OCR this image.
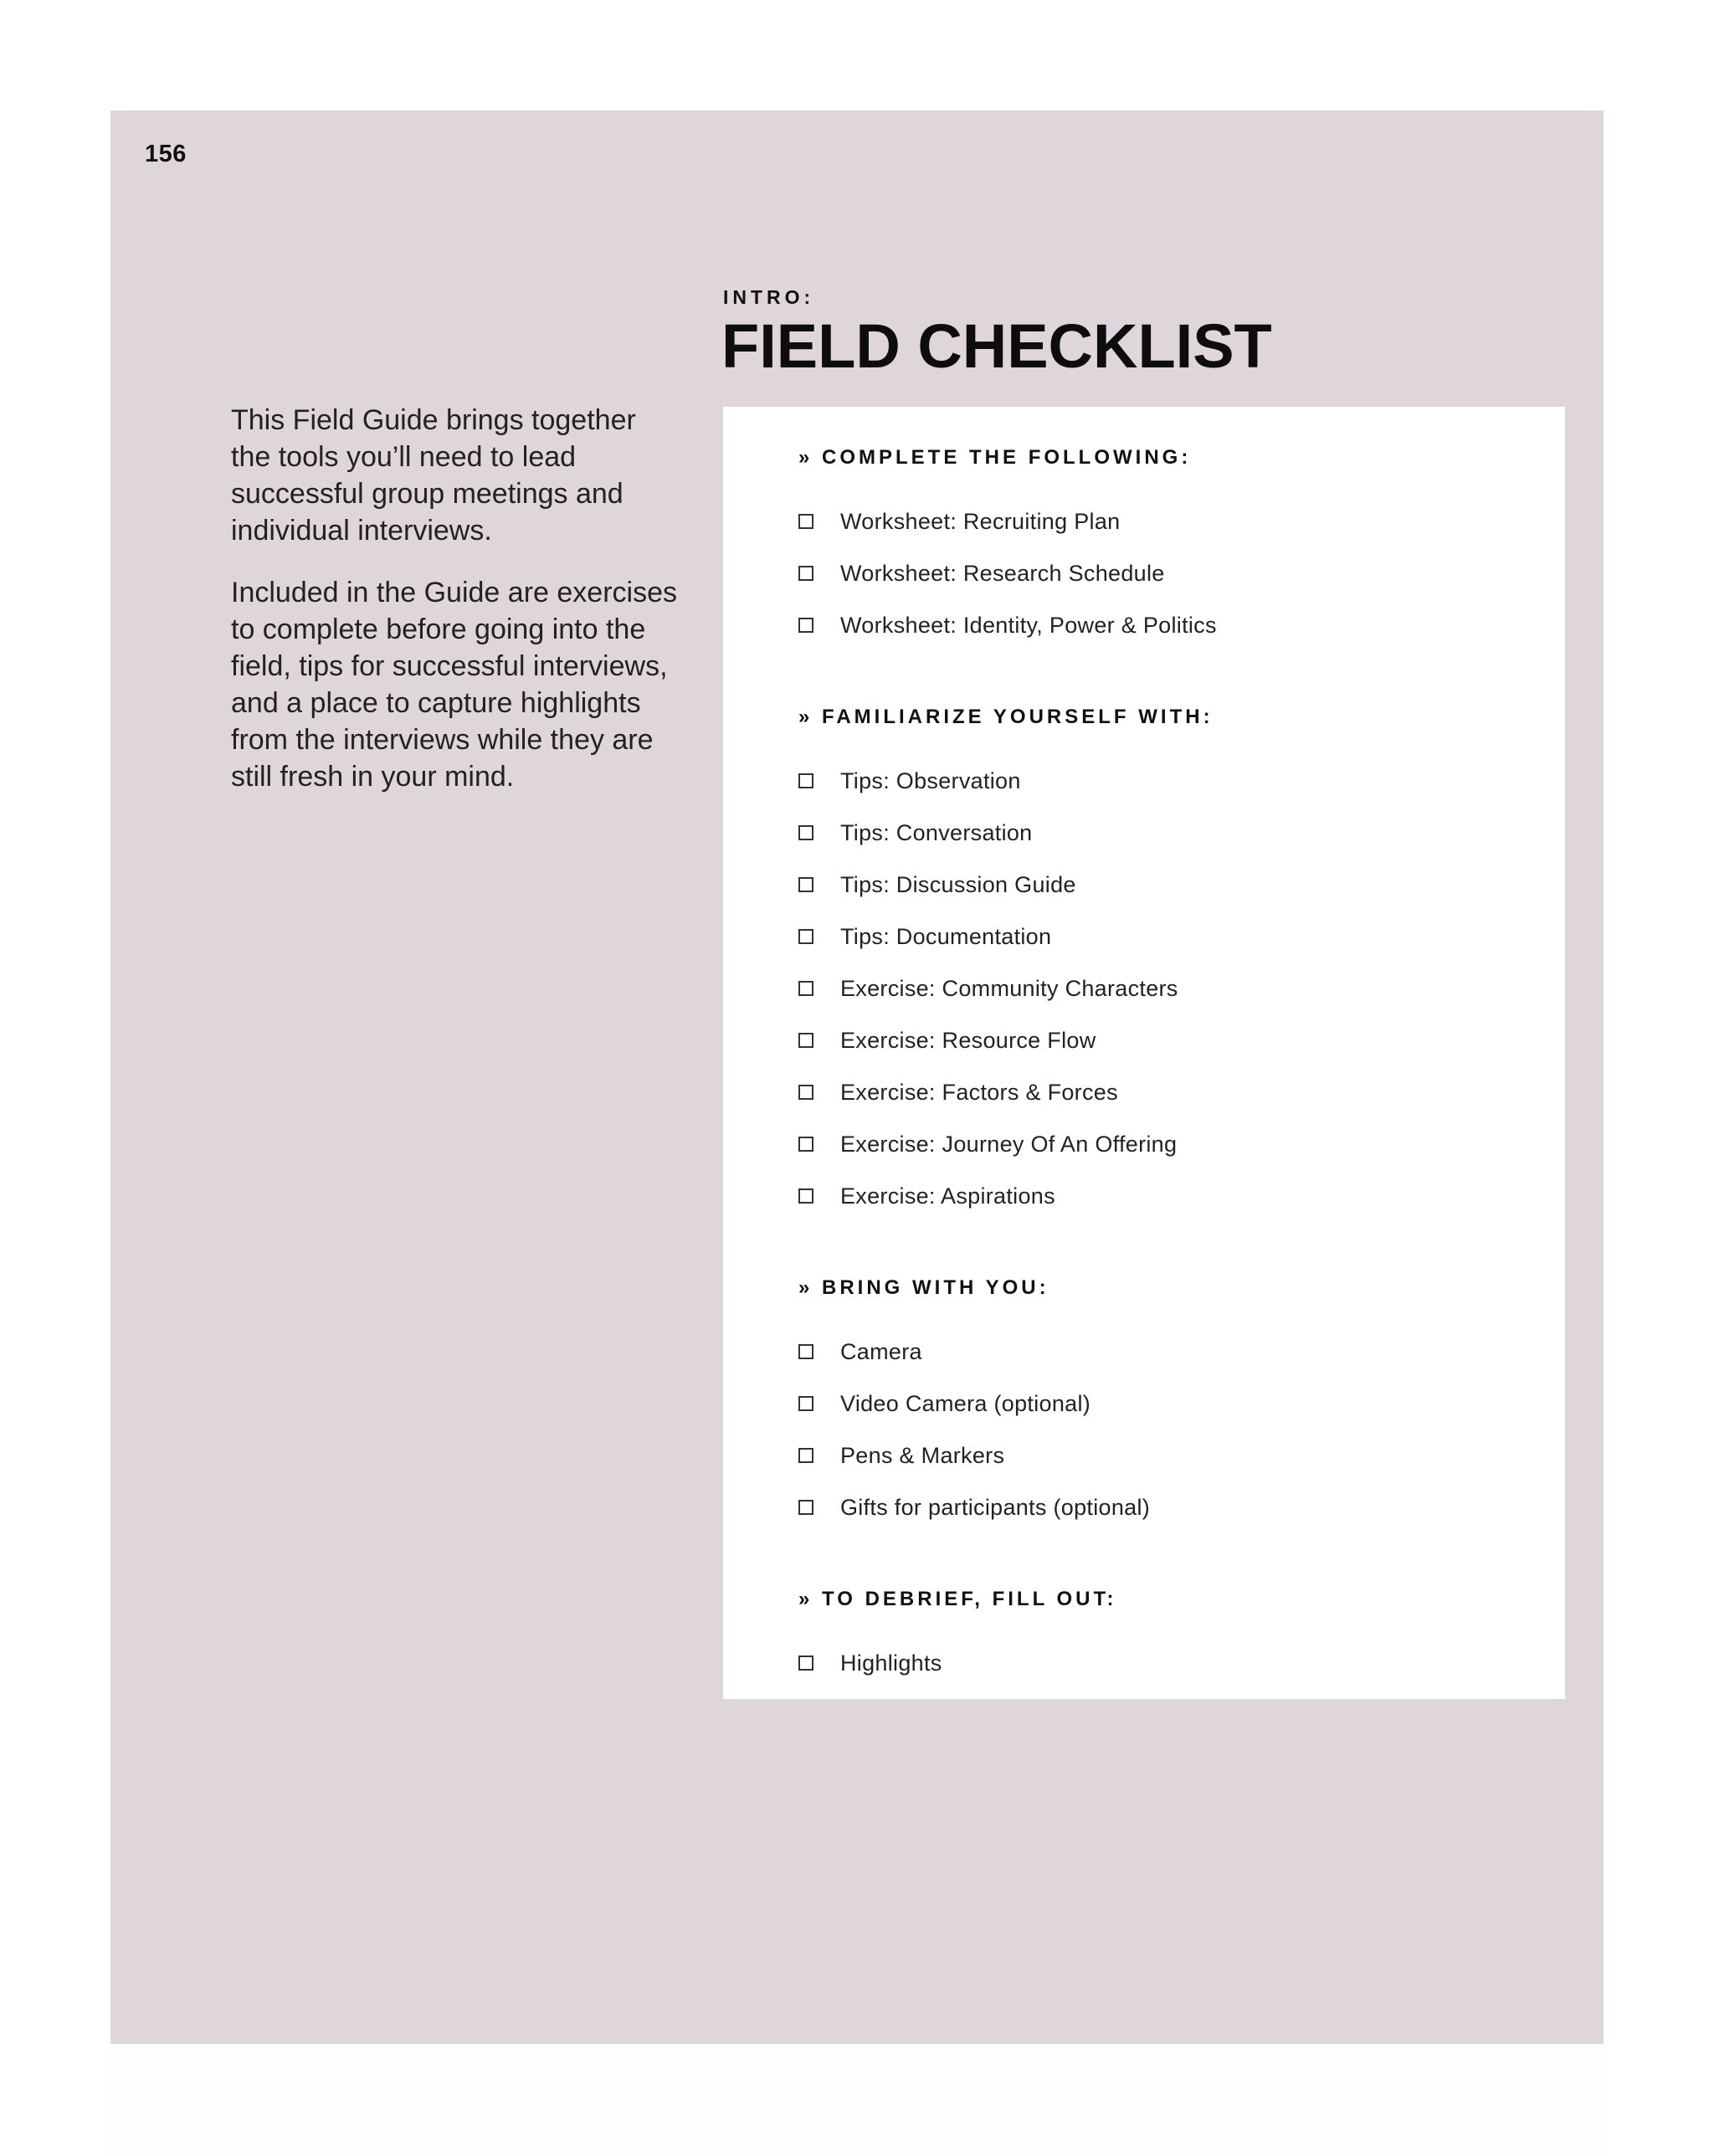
156

This Field Guide brings together the tools you’ll need to lead successful group meetings and individual interviews.

Included in the Guide are exercises to complete before going into the field, tips for successful interviews, and a place to capture highlights from the interviews while they are still fresh in your mind.

INTRO:
FIELD CHECKLIST
» COMPLETE THE FOLLOWING:
Worksheet: Recruiting Plan
Worksheet: Research Schedule
Worksheet: Identity, Power & Politics
» FAMILIARIZE YOURSELF WITH:
Tips: Observation
Tips: Conversation
Tips: Discussion Guide
Tips: Documentation
Exercise: Community Characters
Exercise: Resource Flow
Exercise: Factors & Forces
Exercise: Journey Of An Offering
Exercise: Aspirations
» BRING WITH YOU:
Camera
Video Camera (optional)
Pens & Markers
Gifts for participants (optional)
» TO DEBRIEF, FILL OUT:
Highlights
